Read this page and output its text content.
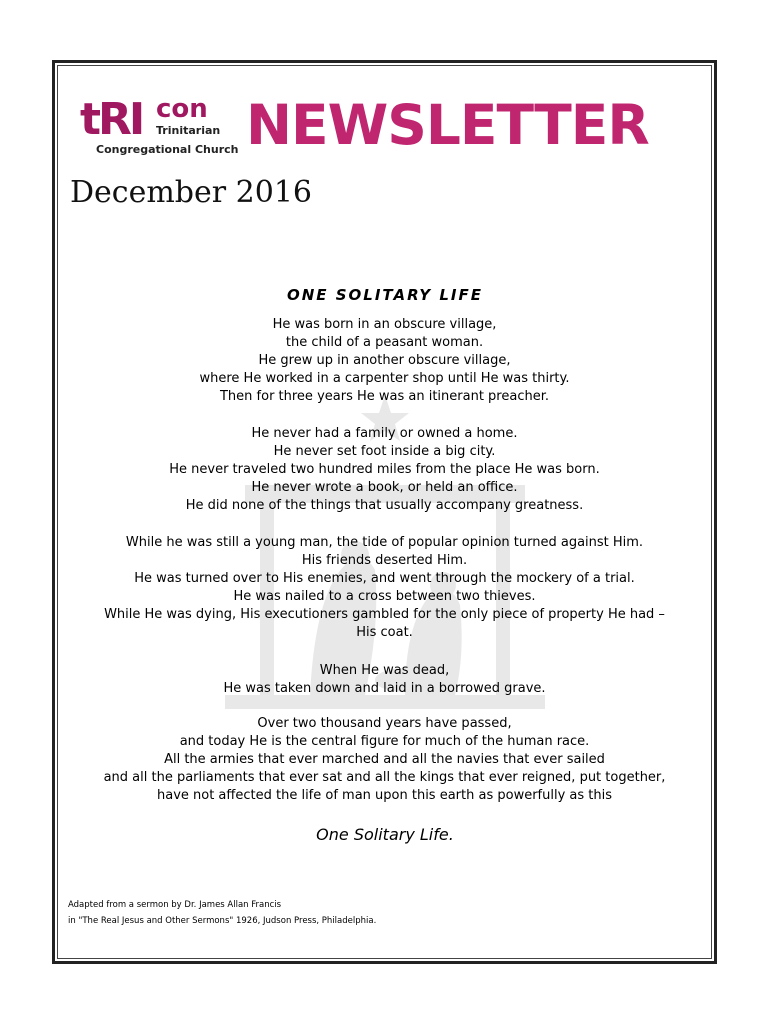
tRI con
Trinitarian
Congregational Church NEWSLETTER
December 2016
ONE SOLITARY LIFE
He was born in an obscure village,
the child of a peasant woman.
He grew up in another obscure village,
where He worked in a carpenter shop until He was thirty.
Then for three years He was an itinerant preacher.
He never had a family or owned a home.
He never set foot inside a big city.
He never traveled two hundred miles from the place He was born.
He never wrote a book, or held an office.
He did none of the things that usually accompany greatness.
While he was still a young man, the tide of popular opinion turned against Him.
His friends deserted Him.
He was turned over to His enemies, and went through the mockery of a trial.
He was nailed to a cross between two thieves.
While He was dying, His executioners gambled for the only piece of property He had –
His coat.
When He was dead,
He was taken down and laid in a borrowed grave.
Over two thousand years have passed,
and today He is the central figure for much of the human race.
All the armies that ever marched and all the navies that ever sailed
and all the parliaments that ever sat and all the kings that ever reigned, put together,
have not affected the life of man upon this earth as powerfully as this
One Solitary Life.
Adapted from a sermon by Dr. James Allan Francis
in "The Real Jesus and Other Sermons" 1926, Judson Press, Philadelphia.
